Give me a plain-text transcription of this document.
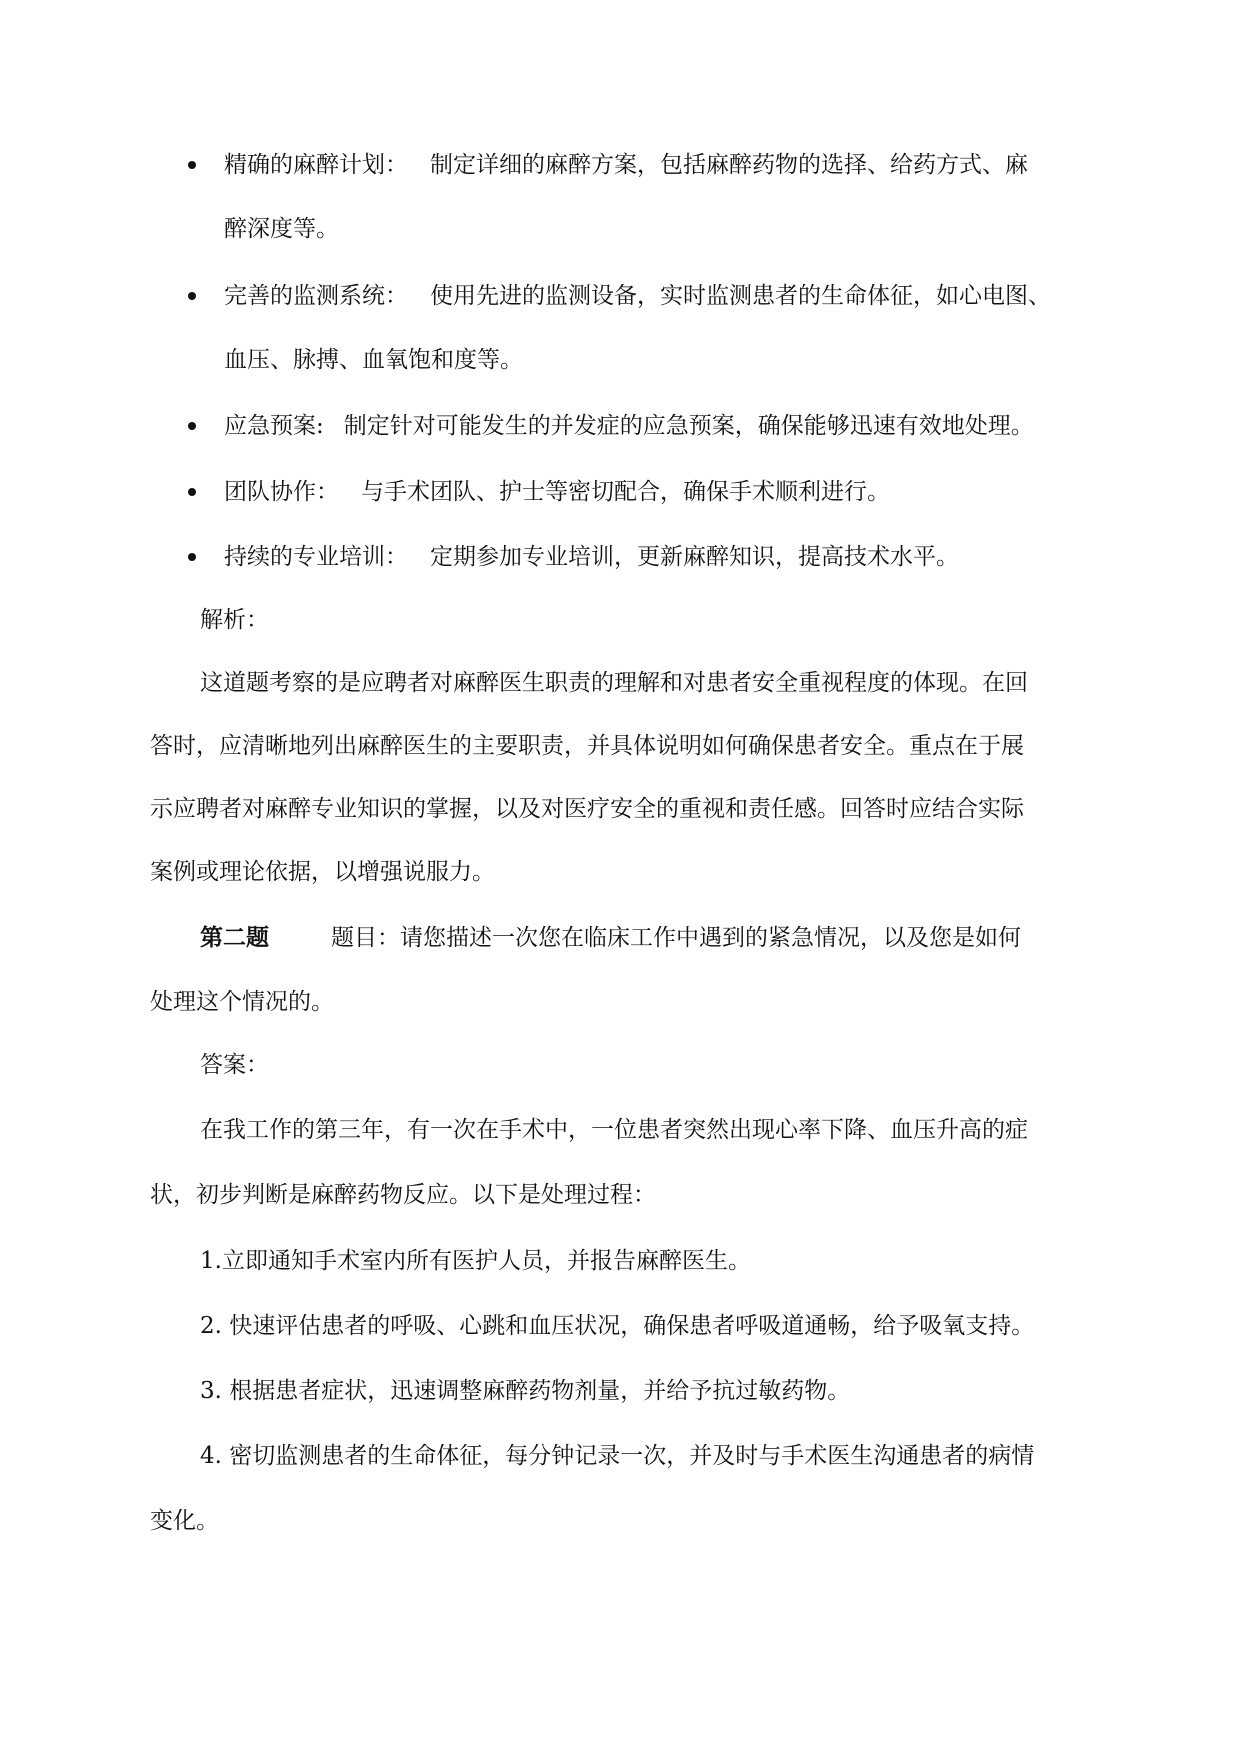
精确的麻醉计划： 制定详细的麻醉方案，包括麻醉药物的选择、给药方式、麻
醉深度等。
完善的监测系统： 使用先进的监测设备，实时监测患者的生命体征，如心电图、
血压、脉搏、血氧饱和度等。
应急预案: 制定针对可能发生的并发症的应急预案，确保能够迅速有效地处理。
团队协作： 与手术团队、护士等密切配合，确保手术顺利进行。
持续的专业培训： 定期参加专业培训，更新麻醉知识，提高技术水平。
解析：
这道题考察的是应聘者对麻醉医生职责的理解和对患者安全重视程度的体现。在回
答时，应清晰地列出麻醉医生的主要职责，并具体说明如何确保患者安全。重点在于展
示应聘者对麻醉专业知识的掌握，以及对医疗安全的重视和责任感。回答时应结合实际
案例或理论依据，以增强说服力。
第二题	题目：请您描述一次您在临床工作中遇到的紧急情况，以及您是如何
处理这个情况的。
答案：
在我工作的第三年，有一次在手术中，一位患者突然出现心率下降、血压升高的症
状，初步判断是麻醉药物反应。以下是处理过程：
1.立即通知手术室内所有医护人员，并报告麻醉医生。
2. 快速评估患者的呼吸、心跳和血压状况，确保患者呼吸道通畅，给予吸氧支持。
3. 根据患者症状，迅速调整麻醉药物剂量，并给予抗过敏药物。
4. 密切监测患者的生命体征，每分钟记录一次，并及时与手术医生沟通患者的病情
变化。
